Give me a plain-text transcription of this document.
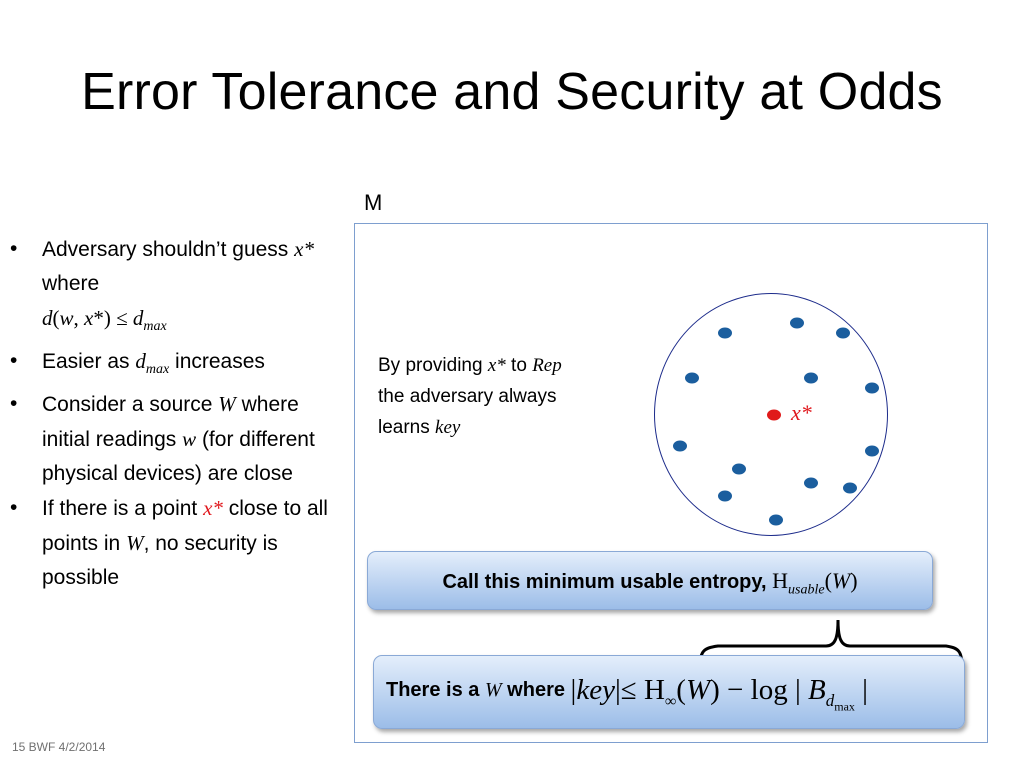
Error Tolerance and Security at Odds
• Adversary shouldn’t guess x* where
d(w, $x*) \le d_{max}$
• Easier as $d_{max}$ increases
• Consider a source W where initial readings w (for different physical devices) are close
• If there is a point x* close to all points in W, no security is possible
M
By providing x* to Rep
the adversary always
learns key
x*
Call this minimum usable entropy, $H_{usable}(W)$
There is a W where $|key|\le H_\infty(W) - \log$ | $B_{d_{max}}$ |
15 BWF 4/2/2014
